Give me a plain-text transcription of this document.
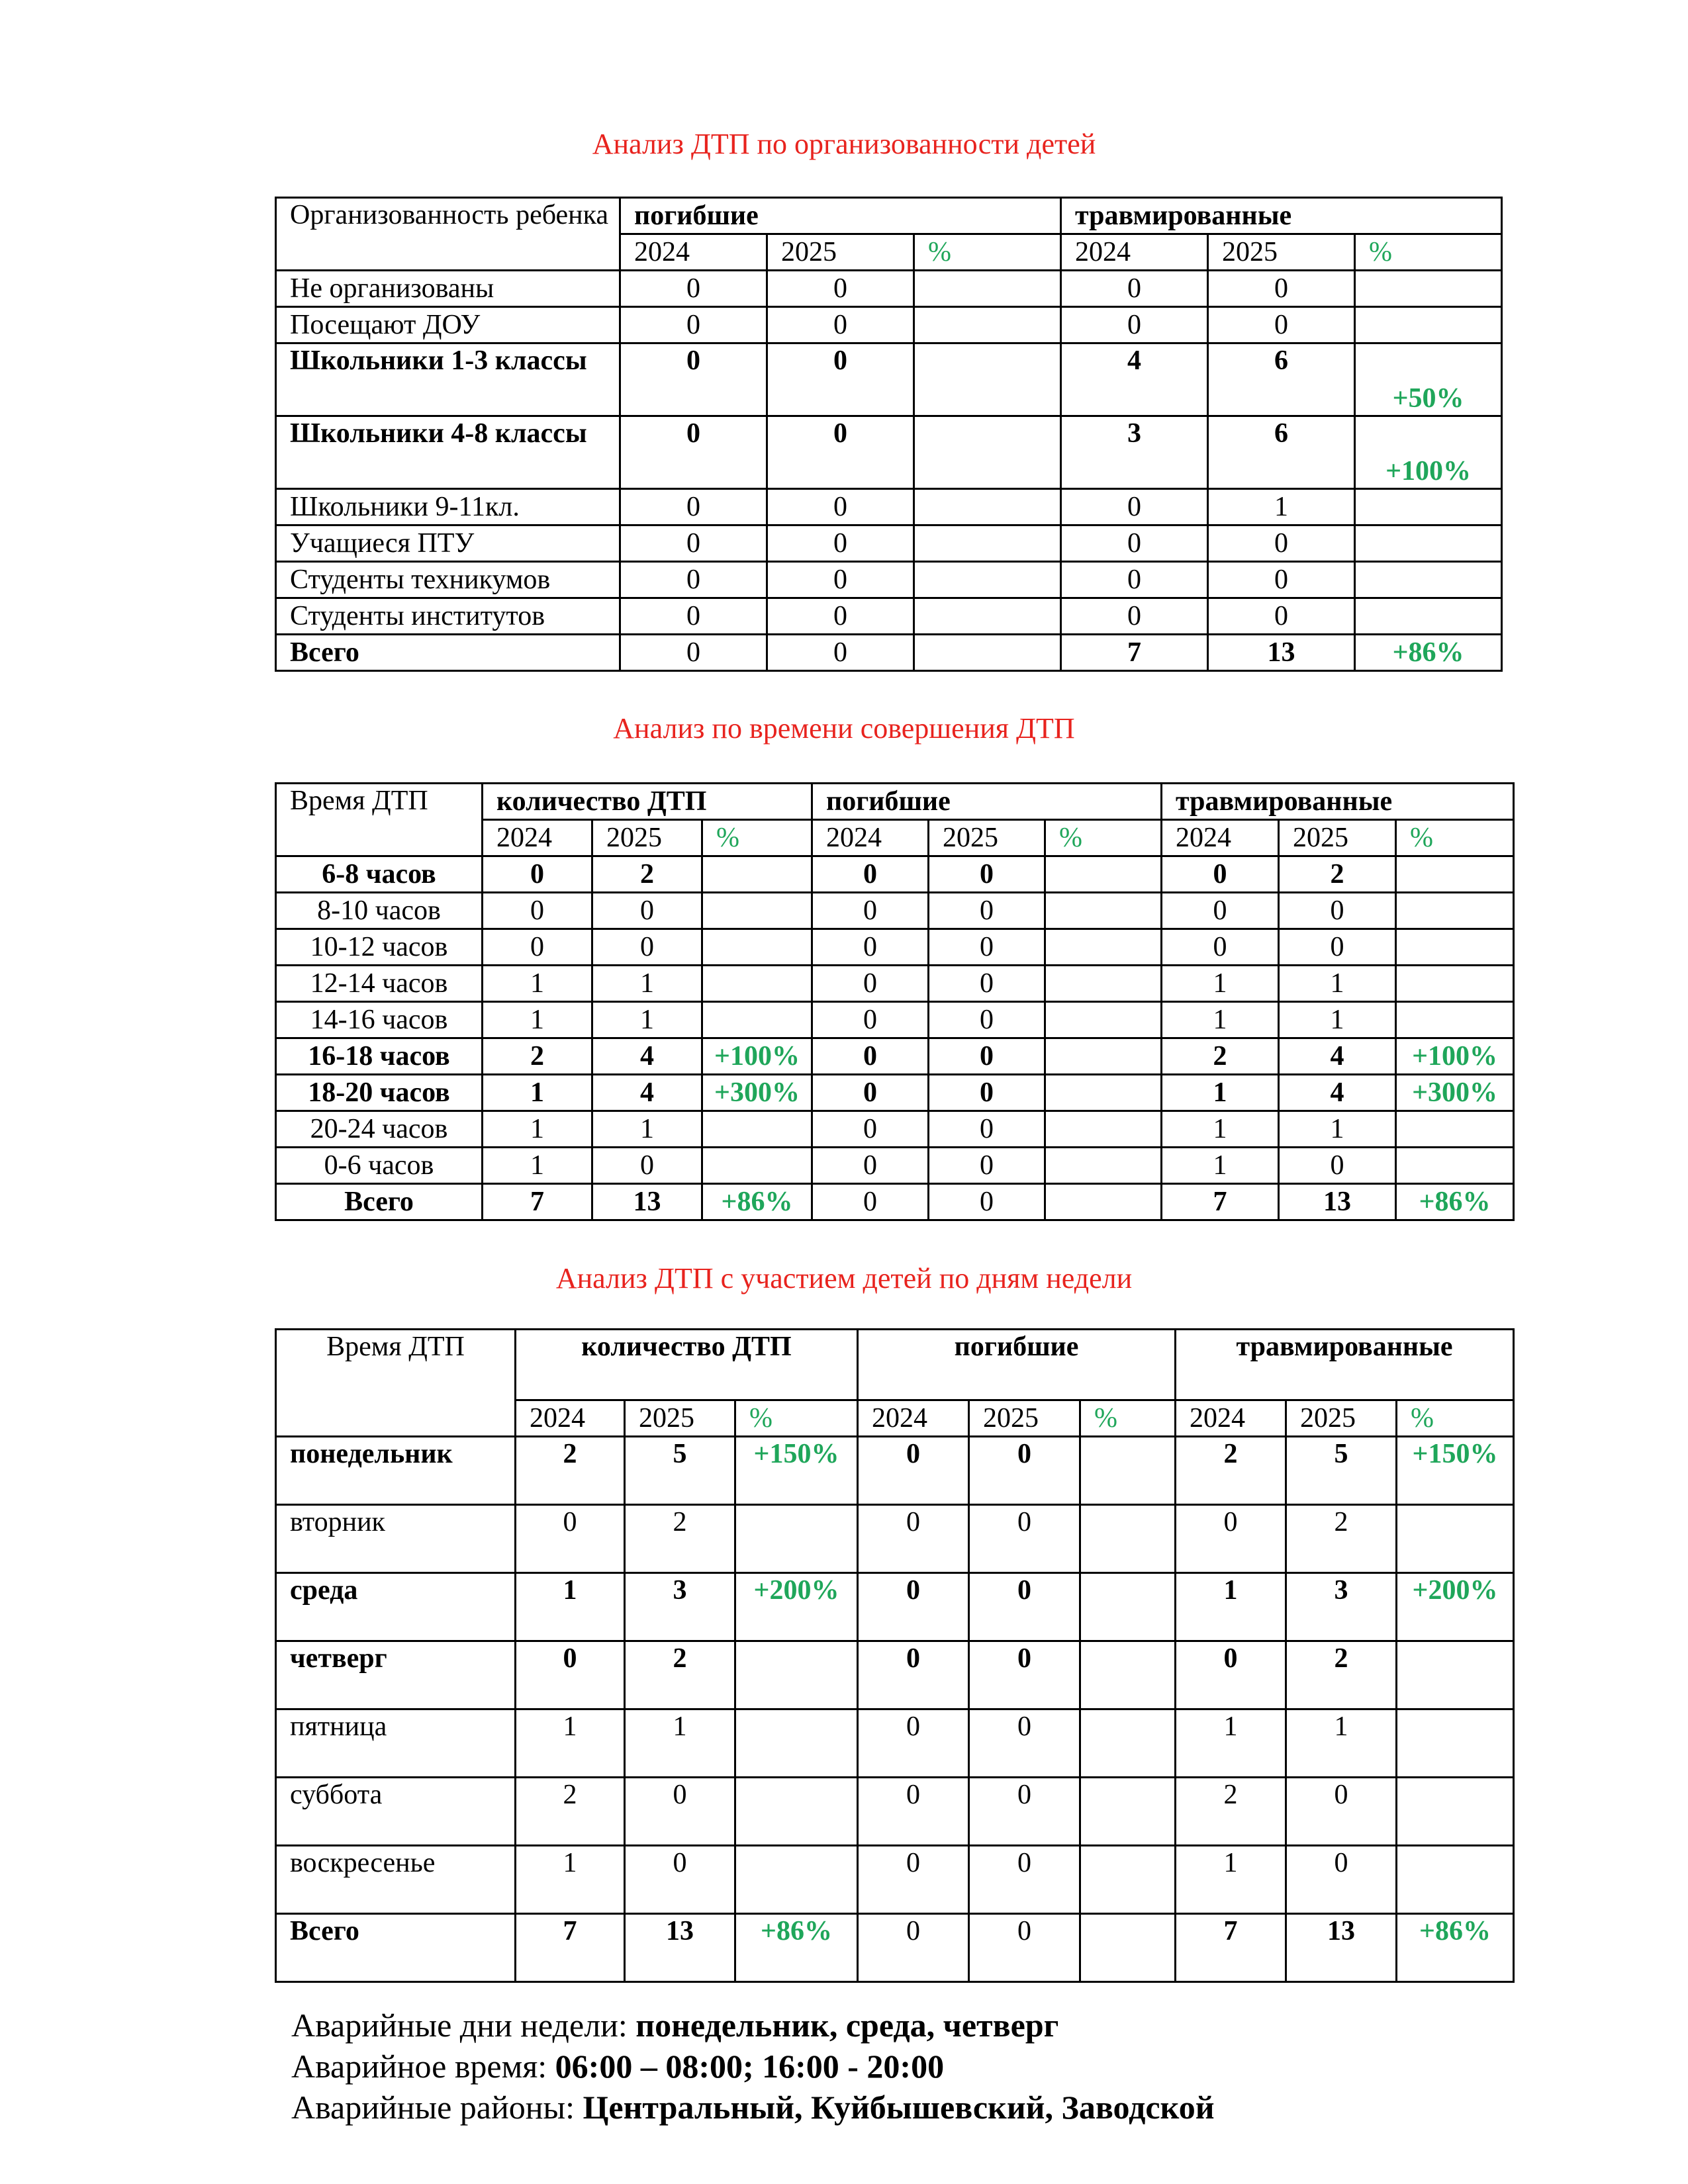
Анализ ДТП по организованности детей

Организованность ребенка	погибшие			травмированные		
	2024	2025	%	2024	2025	%
Не организованы	0	0		0	0	
Посещают ДОУ	0	0		0	0	
Школьники 1-3 классы	0	0		4	6	+50%
Школьники 4-8 классы	0	0		3	6	+100%
Школьники 9-11кл.	0	0		0	1	
Учащиеся ПТУ	0	0		0	0	
Студенты техникумов	0	0		0	0	
Студенты институтов	0	0		0	0	
Всего	0	0		7	13	+86%

Анализ по времени совершения ДТП

Время ДТП	количество ДТП			погибшие			травмированные		
	2024	2025	%	2024	2025	%	2024	2025	%
6-8 часов	0	2		0	0		0	2	
8-10 часов	0	0		0	0		0	0	
10-12 часов	0	0		0	0		0	0	
12-14 часов	1	1		0	0		1	1	
14-16 часов	1	1		0	0		1	1	
16-18 часов	2	4	+100%	0	0		2	4	+100%
18-20 часов	1	4	+300%	0	0		1	4	+300%
20-24 часов	1	1		0	0		1	1	
0-6 часов	1	0		0	0		1	0	
Всего	7	13	+86%	0	0		7	13	+86%

Анализ ДТП с участием детей по дням недели

Время ДТП	количество ДТП			погибшие			травмированные		
	2024	2025	%	2024	2025	%	2024	2025	%
понедельник	2	5	+150%	0	0		2	5	+150%
вторник	0	2		0	0		0	2	
среда	1	3	+200%	0	0		1	3	+200%
четверг	0	2		0	0		0	2	
пятница	1	1		0	0		1	1	
суббота	2	0		0	0		2	0	
воскресенье	1	0		0	0		1	0	
Всего	7	13	+86%	0	0		7	13	+86%

Аварийные дни недели: понедельник, среда, четверг

Аварийное время: 06:00 – 08:00; 16:00 - 20:00

Аварийные районы: Центральный, Куйбышевский, Заводской
